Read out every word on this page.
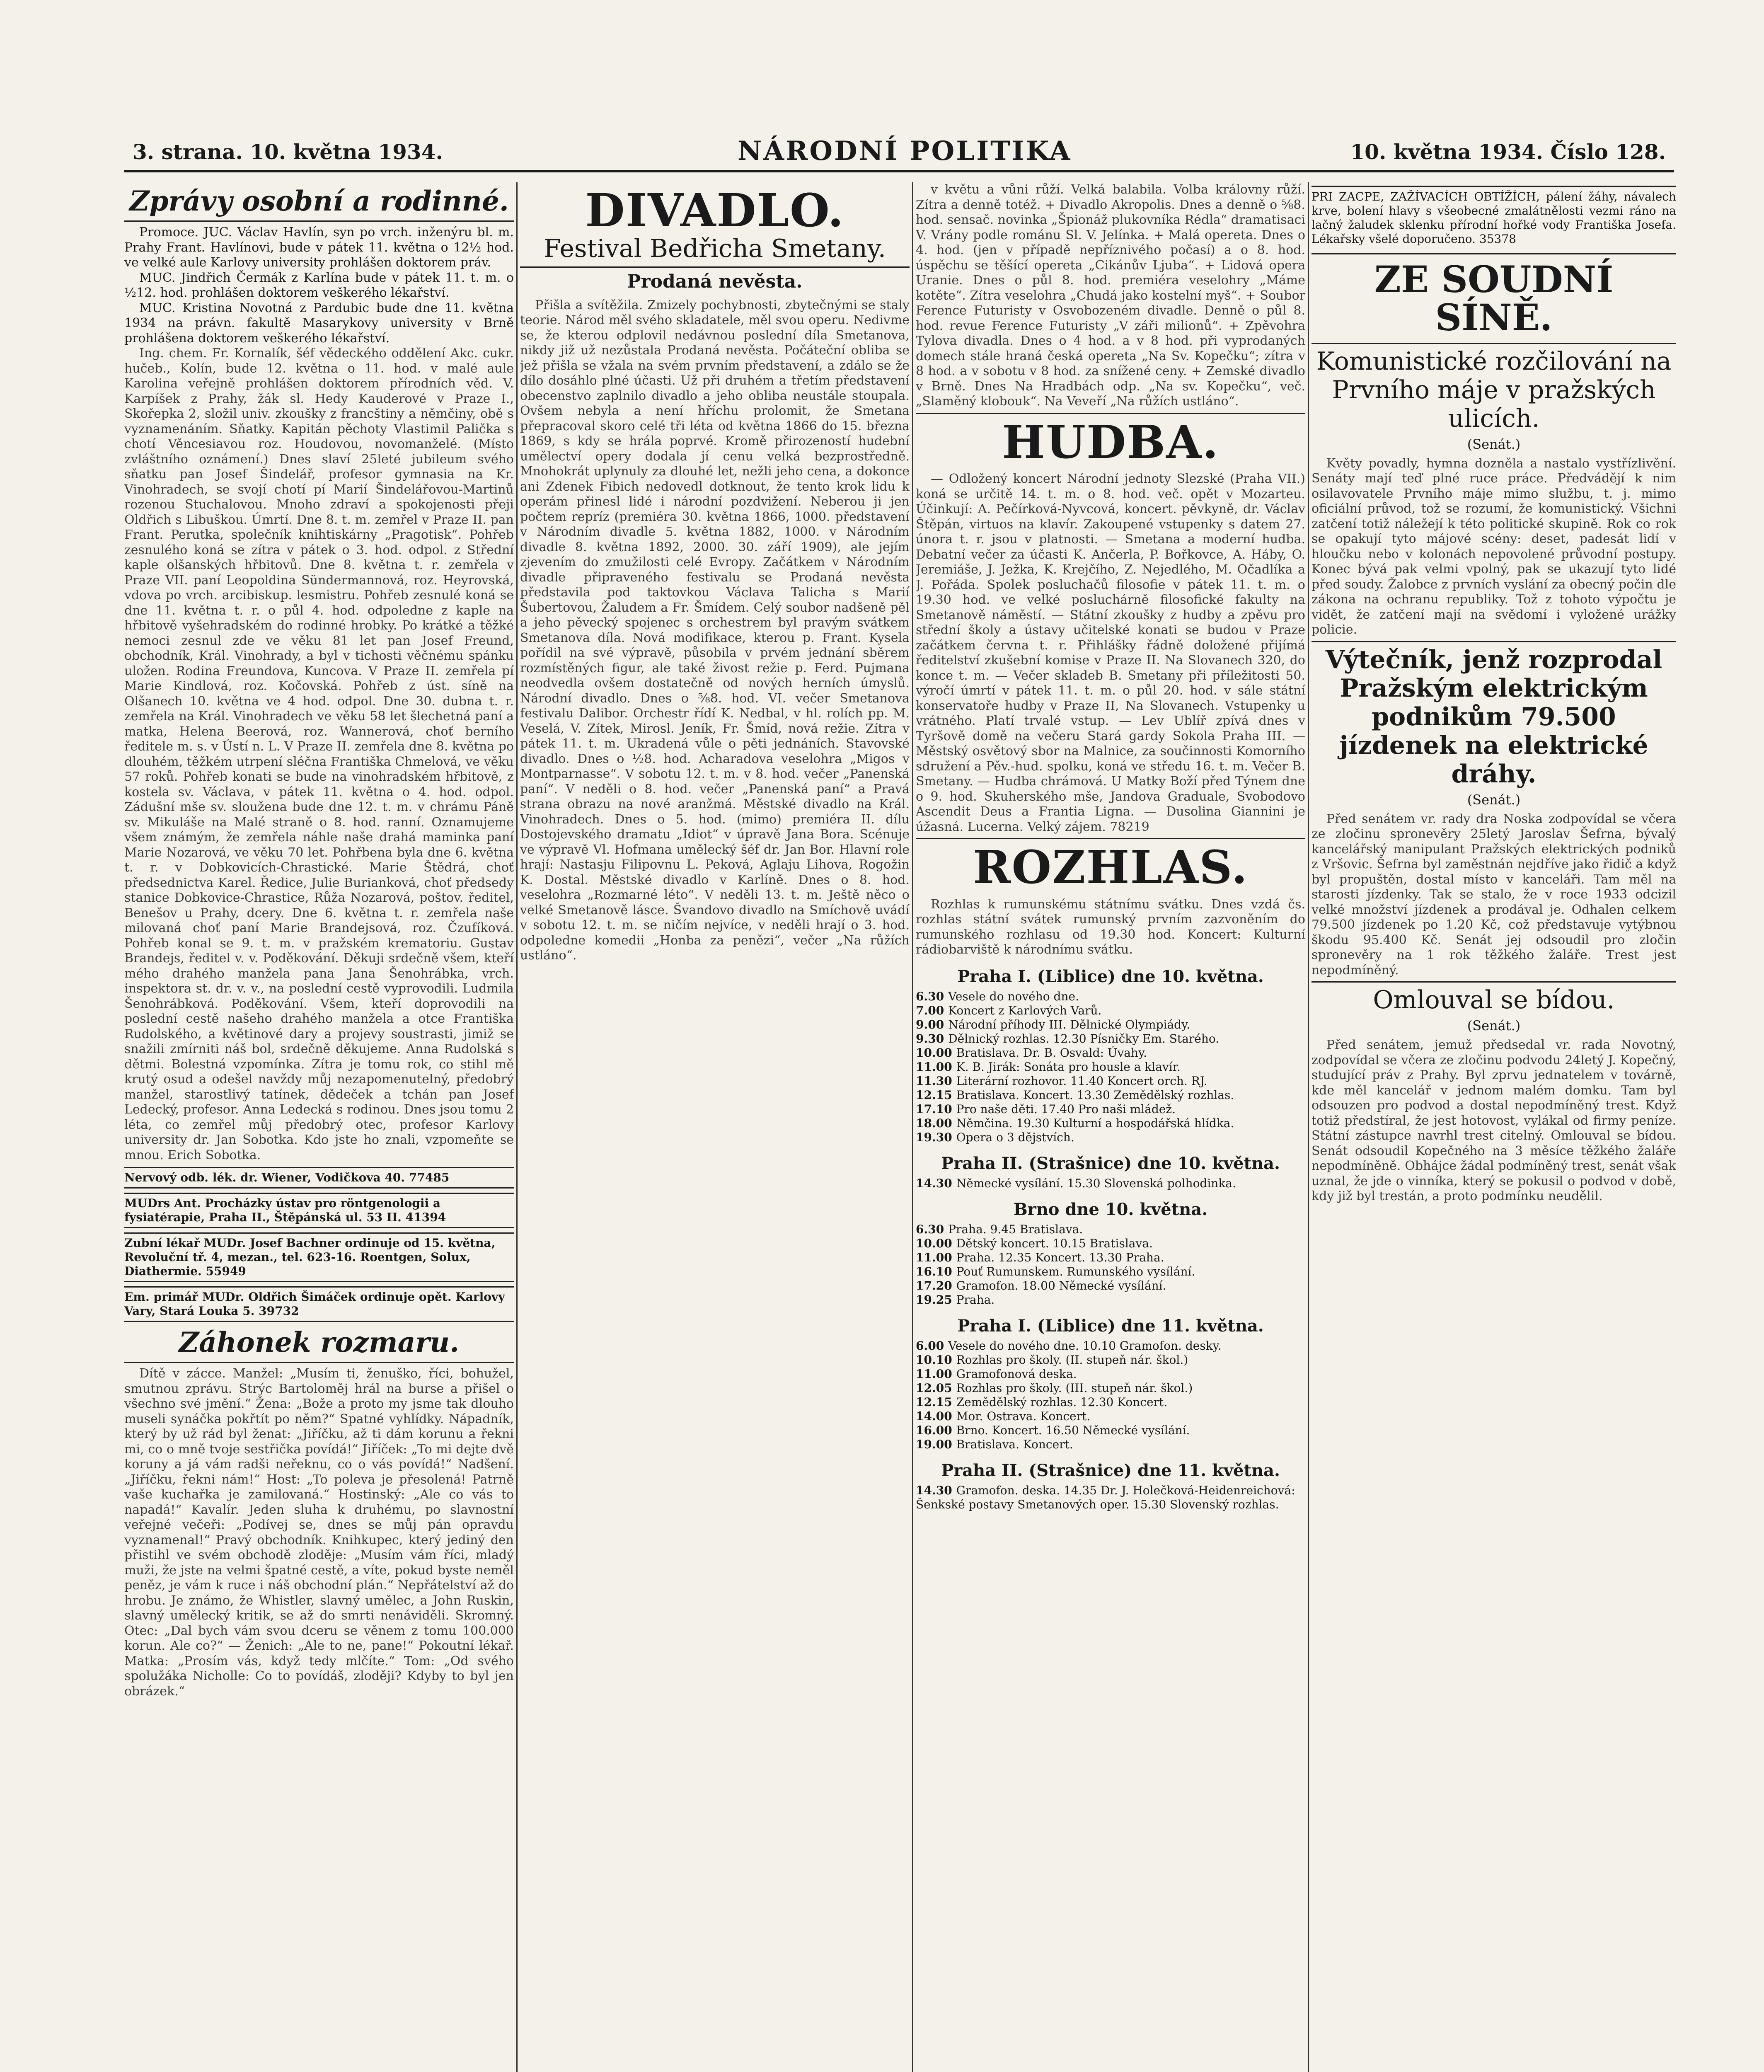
3. strana. 10. května 1934.	NÁRODNÍ POLITIKA	10. května 1934. Číslo 128.
Zprávy osobní a rodinné.

Promoce. JUC. Václav Havlín, syn po vrch. inženýru bl. m. Prahy Frant. Havlínovi, bude v pátek 11. května o 12½ hod. ve velké aule Karlovy university prohlášen doktorem práv.

MUC. Jindřich Čermák z Karlína bude v pátek 11. t. m. o ½12. hod. prohlášen doktorem veškerého lékařství.

MUC. Kristina Novotná z Pardubic bude dne 11. května 1934 na právn. fakultě Masarykovy university v Brně prohlášena doktorem veškerého lékařství.

Ing. chem. Fr. Kornalík, šéf vědeckého oddělení Akc. cukr. hučeb., Kolín, bude 12. května o 11. hod. v malé aule Karolina veřejně prohlášen doktorem přírodních věd. V. Karpíšek z Prahy, žák sl. Hedy Kauderové v Praze I., Skořepka 2, složil univ. zkoušky z francštiny a němčiny, obě s vyznamenáním. Sňatky. Kapitán pěchoty Vlastimil Palička s chotí Věncesiavou roz. Houdovou, novomanželé. (Místo zvláštního oznámení.) Dnes slaví 25leté jubileum svého sňatku pan Josef Šindelář, profesor gymnasia na Kr. Vinohradech, se svojí chotí pí Marií Šindelářovou-Martinů rozenou Stuchalovou. Mnoho zdraví a spokojenosti přeji Oldřich s Libuškou. Úmrtí. Dne 8. t. m. zemřel v Praze II. pan Frant. Perutka, společník knihtiskárny „Pragotisk“. Pohřeb zesnulého koná se zítra v pátek o 3. hod. odpol. z Střední kaple olšanských hřbitovů. Dne 8. května t. r. zemřela v Praze VII. paní Leopoldina Sündermannová, roz. Heyrovská, vdova po vrch. arcibiskup. lesmistru. Pohřeb zesnulé koná se dne 11. května t. r. o půl 4. hod. odpoledne z kaple na hřbitově vyšehradském do rodinné hrobky. Po krátké a těžké nemoci zesnul zde ve věku 81 let pan Josef Freund, obchodník, Král. Vinohrady, a byl v tichosti věčnému spánku uložen. Rodina Freundova, Kuncova. V Praze II. zemřela pí Marie Kindlová, roz. Kočovská. Pohřeb z úst. síně na Olšanech 10. května ve 4 hod. odpol. Dne 30. dubna t. r. zemřela na Král. Vinohradech ve věku 58 let šlechetná paní a matka, Helena Beerová, roz. Wannerová, choť berního ředitele m. s. v Ústí n. L. V Praze II. zemřela dne 8. května po dlouhém, těžkém utrpení sléčna Františka Chmelová, ve věku 57 roků. Pohřeb konati se bude na vinohradském hřbitově, z kostela sv. Václava, v pátek 11. května o 4. hod. odpol. Zádušní mše sv. sloužena bude dne 12. t. m. v chrámu Páně sv. Mikuláše na Malé straně o 8. hod. ranní. Oznamujeme všem známým, že zemřela náhle naše drahá maminka paní Marie Nozarová, ve věku 70 let. Pohřbena byla dne 6. května t. r. v Dobkovicích-Chrastické. Marie Štědrá, choť předsednictva Karel. Ředice, Julie Burianková, choť předsedy stanice Dobkovice-Chrastice, Růža Nozarová, poštov. ředitel, Benešov u Prahy, dcery. Dne 6. května t. r. zemřela naše milovaná choť paní Marie Brandejsová, roz. Čzufíková. Pohřeb konal se 9. t. m. v pražském krematoriu. Gustav Brandejs, ředitel v. v. Poděkování. Děkuji srdečně všem, kteří mého drahého manžela pana Jana Šenohrábka, vrch. inspektora st. dr. v. v., na poslední cestě vyprovodili. Ludmila Šenohrábková. Poděkování. Všem, kteří doprovodili na poslední cestě našeho drahého manžela a otce Františka Rudolského, a květinové dary a projevy soustrasti, jimiž se snažili zmírniti náš bol, srdečně děkujeme. Anna Rudolská s dětmi. Bolestná vzpomínka. Zítra je tomu rok, co stihl mě krutý osud a odešel navždy můj nezapomenutelný, předobrý manžel, starostlivý tatínek, dědeček a tchán pan Josef Ledecký, profesor. Anna Ledecká s rodinou. Dnes jsou tomu 2 léta, co zemřel můj předobrý otec, profesor Karlovy university dr. Jan Sobotka. Kdo jste ho znali, vzpomeňte se mnou. Erich Sobotka.

Nervový odb. lék. dr. Wiener, Vodičkova 40. 77485
MUDrs Ant. Procházky ústav pro röntgenologii a fysiatérapie, Praha II., Štěpánská ul. 53 II. 41394
Zubní lékař MUDr. Josef Bachner ordinuje od 15. května, Revoluční tř. 4, mezan., tel. 623-16. Roentgen, Solux, Diathermie. 55949
Em. primář MUDr. Oldřich Šimáček ordinuje opět. Karlovy Vary, Stará Louka 5. 39732
Záhonek rozmaru.

Dítě v zácce. Manžel: „Musím ti, ženuško, říci, bohužel, smutnou zprávu. Strýc Bartoloměj hrál na burse a přišel o všechno své jmění.“ Žena: „Bože a proto my jsme tak dlouho museli synáčka pokřtít po něm?“ Spatné vyhlídky. Nápadník, který by už rád byl ženat: „Jiříčku, až ti dám korunu a řekni mi, co o mně tvoje sestřička povídá!“ Jiříček: „To mi dejte dvě koruny a já vám radši neřeknu, co o vás povídá!“ Nadšení. „Jiříčku, řekni nám!“ Host: „To poleva je přesolená! Patrně vaše kuchařka je zamilovaná.“ Hostinský: „Ale co vás to napadá!“ Kavalír. Jeden sluha k druhému, po slavnostní veřejné večeři: „Podívej se, dnes se můj pán opravdu vyznamenal!“ Pravý obchodník. Knihkupec, který jediný den přistihl ve svém obchodě zloděje: „Musím vám říci, mladý muži, že jste na velmi špatné cestě, a víte, pokud byste neměl peněz, je vám k ruce i náš obchodní plán.“ Nepřátelství až do hrobu. Je známo, že Whistler, slavný umělec, a John Ruskin, slavný umělecký kritik, se až do smrti nenáviděli. Skromný. Otec: „Dal bych vám svou dceru se věnem z tomu 100.000 korun. Ale co?“ — Ženich: „Ale to ne, pane!“ Pokoutní lékař. Matka: „Prosím vás, když tedy mlčíte.“ Tom: „Od svého spolužáka Nicholle: Co to povídáš, zloději? Kdyby to byl jen obrázek.“

DIVADLO.
Festival Bedřicha Smetany.
Prodaná nevěsta.

Přišla a svítěžila. Zmizely pochybnosti, zbytečnými se staly teorie. Národ měl svého skladatele, měl svou operu. Nedivme se, že kterou odplovil nedávnou poslední díla Smetanova, nikdy již už nezůstala Prodaná nevěsta. Počáteční obliba se jež přišla se vžala na svém prvním představení, a zdálo se že dílo dosáhlo plné účasti. Už při druhém a třetím představení obecenstvo zaplnilo divadlo a jeho obliba neustále stoupala. Ovšem nebyla a není hříchu prolomit, že Smetana přepracoval skoro celé tři léta od května 1866 do 15. března 1869, s kdy se hrála poprvé. Kromě přirozeností hudební umělectví opery dodala jí cenu velká bezprostředně. Mnohokrát uplynuly za dlouhé let, nežli jeho cena, a dokonce ani Zdenek Fibich nedovedl dotknout, že tento krok lidu k operám přinesl lidé i národní pozdvižení. Neberou ji jen počtem repríz (premiéra 30. května 1866, 1000. představení v Národním divadle 5. května 1882, 1000. v Národním divadle 8. května 1892, 2000. 30. září 1909), ale jejím zjevením do zmužilosti celé Evropy. Začátkem v Národním divadle připraveného festivalu se Prodaná nevěsta představila pod taktovkou Václava Talicha s Marií Šubertovou, Žaludem a Fr. Šmídem. Celý soubor nadšeně pěl a jeho pěvecký spojenec s orchestrem byl pravým svátkem Smetanova díla. Nová modifikace, kterou p. Frant. Kysela pořídil na své výpravě, působila v prvém jednání sběrem rozmístěných figur, ale také živost režie p. Ferd. Pujmana neodvedla ovšem dostatečně od nových herních úmyslů. Národní divadlo. Dnes o ⅝8. hod. VI. večer Smetanova festivalu Dalibor. Orchestr řídí K. Nedbal, v hl. rolích pp. M. Veselá, V. Zítek, Mirosl. Jeník, Fr. Šmíd, nová režie. Zítra v pátek 11. t. m. Ukradená vůle o pěti jednáních. Stavovské divadlo. Dnes o ½8. hod. Acharadova veselohra „Migos v Montparnasse“. V sobotu 12. t. m. v 8. hod. večer „Panenská paní“. V neděli o 8. hod. večer „Panenská paní“ a Pravá strana obrazu na nové aranžmá. Městské divadlo na Král. Vinohradech. Dnes o 5. hod. (mimo) premiéra II. dílu Dostojevského dramatu „Idiot“ v úpravě Jana Bora. Scénuje ve výpravě Vl. Hofmana umělecký šéf dr. Jan Bor. Hlavní role hrají: Nastasju Filipovnu L. Peková, Aglaju Lihova, Rogožin K. Dostal. Městské divadlo v Karlíně. Dnes o 8. hod. veselohra „Rozmarné léto“. V neděli 13. t. m. Ještě něco o velké Smetanově lásce. Švandovo divadlo na Smíchově uvádí v sobotu 12. t. m. se ničím nejvíce, v neděli hrají o 3. hod. odpoledne komedii „Honba za penězi“, večer „Na růžích ustláno“.

v květu a vůni růží. Velká balabila. Volba královny růží. Zítra a denně totéž. + Divadlo Akropolis. Dnes a denně o ⅝8. hod. sensač. novinka „Špionáž plukovníka Rédla“ dramatisaci V. Vrány podle románu Sl. V. Jelínka. + Malá opereta. Dnes o 4. hod. (jen v případě nepříznivého počasí) a o 8. hod. úspěchu se těšící opereta „Cikánův Ljuba“. + Lidová opera Uranie. Dnes o půl 8. hod. premiéra veselohry „Máme kotěte“. Zítra veselohra „Chudá jako kostelní myš“. + Soubor Ference Futuristy v Osvobozeném divadle. Denně o půl 8. hod. revue Ference Futuristy „V záři milionů“. + Zpěvohra Tylova divadla. Dnes o 4 hod. a v 8 hod. při vyprodaných domech stále hraná česká opereta „Na Sv. Kopečku“; zítra v 8 hod. a v sobotu v 8 hod. za snížené ceny. + Zemské divadlo v Brně. Dnes Na Hradbách odp. „Na sv. Kopečku“, več. „Slaměný klobouk“. Na Veveří „Na růžích ustláno“.

HUDBA.

— Odložený koncert Národní jednoty Slezské (Praha VII.) koná se určitě 14. t. m. o 8. hod. več. opět v Mozarteu. Účinkují: A. Pečírková-Nyvcová, koncert. pěvkyně, dr. Václav Štěpán, virtuos na klavír. Zakoupené vstupenky s datem 27. února t. r. jsou v platnosti. — Smetana a moderní hudba. Debatní večer za účasti K. Ančerla, P. Bořkovce, A. Háby, O. Jeremiáše, J. Ježka, K. Krejčího, Z. Nejedlého, M. Očadlíka a J. Pořáda. Spolek posluchačů filosofie v pátek 11. t. m. o 19.30 hod. ve velké posluchárně filosofické fakulty na Smetanově náměstí. — Státní zkoušky z hudby a zpěvu pro střední školy a ústavy učitelské konati se budou v Praze začátkem června t. r. Přihlášky řádně doložené přijímá ředitelství zkušební komise v Praze II. Na Slovanech 320, do konce t. m. — Večer skladeb B. Smetany při příležitosti 50. výročí úmrtí v pátek 11. t. m. o půl 20. hod. v sále státní konservatoře hudby v Praze II, Na Slovanech. Vstupenky u vrátného. Platí trvalé vstup. — Lev Ublíř zpívá dnes v Tyršově domě na večeru Stará gardy Sokola Praha III. — Městský osvětový sbor na Malnice, za součinnosti Komorního sdružení a Pěv.-hud. spolku, koná ve středu 16. t. m. Večer B. Smetany. — Hudba chrámová. U Matky Boží před Týnem dne o 9. hod. Skuherského mše, Jandova Graduale, Svobodovo Ascendit Deus a Frantia Ligna. — Dusolina Giannini je úžasná. Lucerna. Velký zájem. 78219

ROZHLAS.

Rozhlas k rumunskému státnímu svátku. Dnes vzdá čs. rozhlas státní svátek rumunský prvním zazvoněním do rumunského rozhlasu od 19.30 hod. Koncert: Kulturní rádiobarviště k národnímu svátku.

Praha I. (Liblice) dne 10. května.

6.30 Vesele do nového dne.

7.00 Koncert z Karlových Varů.

9.00 Národní příhody III. Dělnické Olympiády.

9.30 Dělnický rozhlas. 12.30 Písničky Em. Starého.

10.00 Bratislava. Dr. B. Osvald: Úvahy.

11.00 K. B. Jirák: Sonáta pro housle a klavír.

11.30 Literární rozhovor. 11.40 Koncert orch. RJ.

12.15 Bratislava. Koncert. 13.30 Zemědělský rozhlas.

17.10 Pro naše děti. 17.40 Pro naši mládež.

18.00 Němčina. 19.30 Kulturní a hospodářská hlídka.

19.30 Opera o 3 dějstvích.

Praha II. (Strašnice) dne 10. května.

14.30 Německé vysílání. 15.30 Slovenská polhodinka.

Brno dne 10. května.

6.30 Praha. 9.45 Bratislava.

10.00 Dětský koncert. 10.15 Bratislava.

11.00 Praha. 12.35 Koncert. 13.30 Praha.

16.10 Pouť Rumunskem. Rumunského vysílání.

17.20 Gramofon. 18.00 Německé vysílání.

19.25 Praha.

Praha I. (Liblice) dne 11. května.

6.00 Vesele do nového dne. 10.10 Gramofon. desky.

10.10 Rozhlas pro školy. (II. stupeň nár. škol.)

11.00 Gramofonová deska.

12.05 Rozhlas pro školy. (III. stupeň nár. škol.)

12.15 Zemědělský rozhlas. 12.30 Koncert.

14.00 Mor. Ostrava. Koncert.

16.00 Brno. Koncert. 16.50 Německé vysílání.

19.00 Bratislava. Koncert.

Praha II. (Strašnice) dne 11. května.

14.30 Gramofon. deska. 14.35 Dr. J. Holečková-Heidenreichová: Šenkské postavy Smetanových oper. 15.30 Slovenský rozhlas.

PRI ZACPE, ZAŽÍVACÍCH OBTÍŽÍCH, pálení žáhy, návalech krve, bolení hlavy s všeobecné zmalátnělosti vezmi ráno na lačný žaludek sklenku přírodní hořké vody Františka Josefa. Lékařsky všelé doporučeno. 35378

ZE SOUDNÍ SÍNĚ.
Komunistické rozčilování na Prvního máje v pražských ulicích.
(Senát.)

Květy povadly, hymna dozněla a nastalo vystřízlivění. Senáty mají teď plné ruce práce. Předvádějí k nim osilavovatele Prvního máje mimo službu, t. j. mimo oficiální průvod, tož se rozumí, že komunistický. Všichni zatčení totiž náležejí k této politické skupině. Rok co rok se opakují tyto májové scény: deset, padesát lidí v hloučku nebo v kolonách nepovolené průvodní postupy. Konec bývá pak velmi vpolný, pak se ukazují tyto lidé před soudy. Žalobce z prvních vyslání za obecný počin dle zákona na ochranu republiky. Tož z tohoto výpočtu je vidět, že zatčení mají na svědomí i vyložené urážky policie.

Výtečník, jenž rozprodal Pražským elektrickým podnikům 79.500 jízdenek na elektrické dráhy.
(Senát.)

Před senátem vr. rady dra Noska zodpovídal se včera ze zločinu spronevěry 25letý Jaroslav Šefrna, bývalý kancelářský manipulant Pražských elektrických podniků z Vršovic. Šefrna byl zaměstnán nejdříve jako řidič a když byl propuštěn, dostal místo v kanceláři. Tam měl na starosti jízdenky. Tak se stalo, že v roce 1933 odcizil velké množství jízdenek a prodával je. Odhalen celkem 79.500 jízdenek po 1.20 Kč, což představuje vytýbnou škodu 95.400 Kč. Senát jej odsoudil pro zločin spronevěry na 1 rok těžkého žaláře. Trest jest nepodmíněný.

Omlouval se bídou.
(Senát.)

Před senátem, jemuž předsedal vr. rada Novotný, zodpovídal se včera ze zločinu podvodu 24letý J. Kopečný, studující práv z Prahy. Byl zprvu jednatelem v továrně, kde měl kancelář v jednom malém domku. Tam byl odsouzen pro podvod a dostal nepodmíněný trest. Když totiž předstíral, že jest hotovost, vylákal od firmy peníze. Státní zástupce navrhl trest citelný. Omlouval se bídou. Senát odsoudil Kopečného na 3 měsíce těžkého žaláře nepodmíněně. Obhájce žádal podmíněný trest, senát však uznal, že jde o vinníka, který se pokusil o podvod v době, kdy již byl trestán, a proto podmínku neudělil.
